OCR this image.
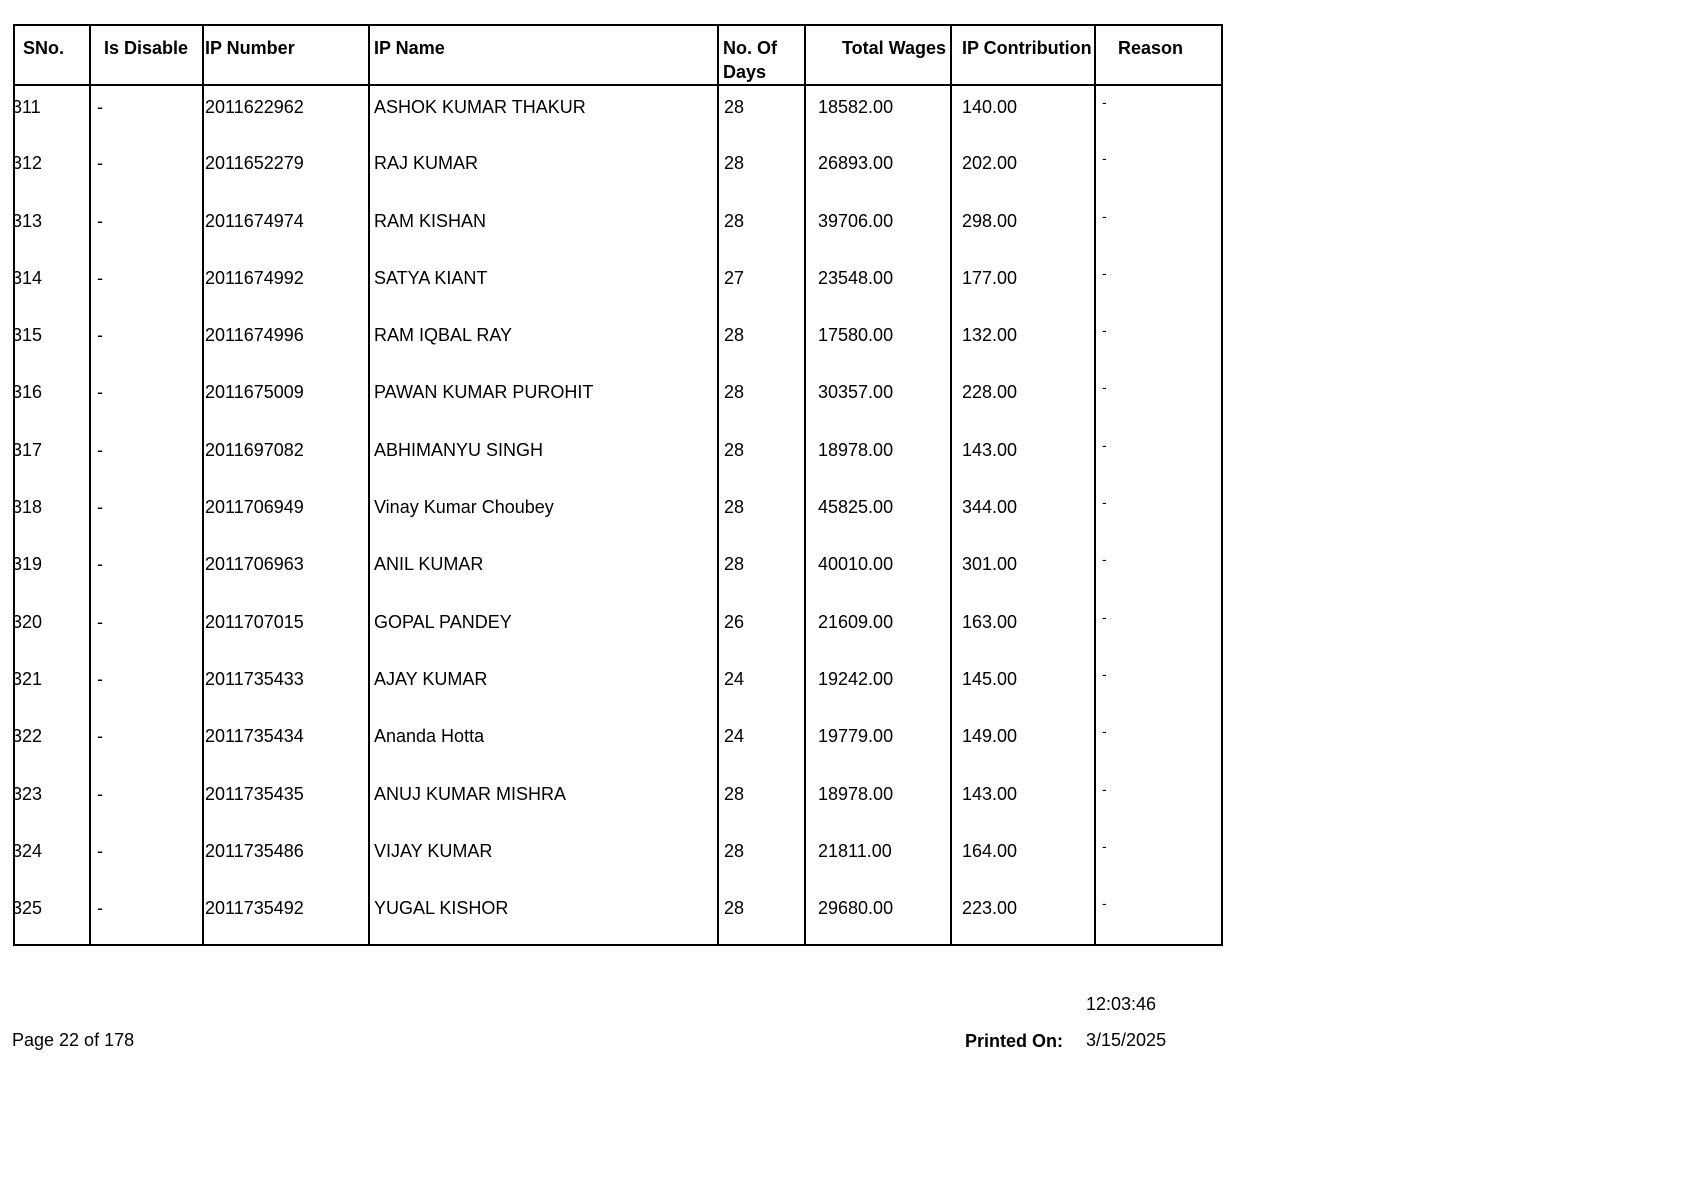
SNo.	Is Disable	IP Number	IP Name	No. Of Days	Total Wages	IP Contribution	Reason
311	-	2011622962	ASHOK KUMAR THAKUR	28	18582.00	140.00	-
312	-	2011652279	RAJ KUMAR	28	26893.00	202.00	-
313	-	2011674974	RAM KISHAN	28	39706.00	298.00	-
314	-	2011674992	SATYA KIANT	27	23548.00	177.00	-
315	-	2011674996	RAM IQBAL RAY	28	17580.00	132.00	-
316	-	2011675009	PAWAN KUMAR PUROHIT	28	30357.00	228.00	-
317	-	2011697082	ABHIMANYU SINGH	28	18978.00	143.00	-
318	-	2011706949	Vinay Kumar Choubey	28	45825.00	344.00	-
319	-	2011706963	ANIL KUMAR	28	40010.00	301.00	-
320	-	2011707015	GOPAL PANDEY	26	21609.00	163.00	-
321	-	2011735433	AJAY KUMAR	24	19242.00	145.00	-
322	-	2011735434	Ananda Hotta	24	19779.00	149.00	-
323	-	2011735435	ANUJ KUMAR MISHRA	28	18978.00	143.00	-
324	-	2011735486	VIJAY KUMAR	28	21811.00	164.00	-
325	-	2011735492	YUGAL KISHOR	28	29680.00	223.00	-
Page 22 of 178	Printed On:
12:03:46
3/15/2025
